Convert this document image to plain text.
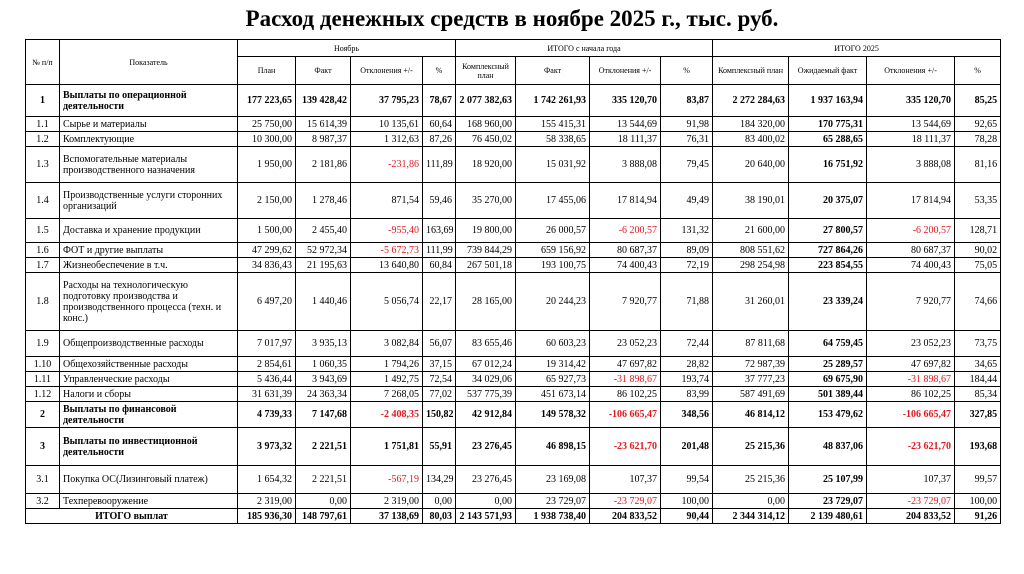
Расход денежных средств в ноябре 2025 г., тыс. руб.
№ п/п	Показатель	Ноябрь				ИТОГО с начала года				ИТОГО 2025			
		План	Факт	Отклонения +/-	%	Комплексный план	Факт	Отклонения +/-	%	Комплексный план	Ожидаемый факт	Отклонения +/-	%
1	Выплаты по операционной деятельности	177 223,65	139 428,42	37 795,23	78,67	2 077 382,63	1 742 261,93	335 120,70	83,87	2 272 284,63	1 937 163,94	335 120,70	85,25
1.1	Сырье и материалы	25 750,00	15 614,39	10 135,61	60,64	168 960,00	155 415,31	13 544,69	91,98	184 320,00	170 775,31	13 544,69	92,65
1.2	Комплектующие	10 300,00	8 987,37	1 312,63	87,26	76 450,02	58 338,65	18 111,37	76,31	83 400,02	65 288,65	18 111,37	78,28
1.3	Вспомогательные материалы производственного назначения	1 950,00	2 181,86	-231,86	111,89	18 920,00	15 031,92	3 888,08	79,45	20 640,00	16 751,92	3 888,08	81,16
1.4	Производственные услуги сторонних организаций	2 150,00	1 278,46	871,54	59,46	35 270,00	17 455,06	17 814,94	49,49	38 190,01	20 375,07	17 814,94	53,35
1.5	Доставка и хранение продукции	1 500,00	2 455,40	-955,40	163,69	19 800,00	26 000,57	-6 200,57	131,32	21 600,00	27 800,57	-6 200,57	128,71
1.6	ФОТ и другие выплаты	47 299,62	52 972,34	-5 672,73	111,99	739 844,29	659 156,92	80 687,37	89,09	808 551,62	727 864,26	80 687,37	90,02
1.7	Жизнеобеспечение в т.ч.	34 836,43	21 195,63	13 640,80	60,84	267 501,18	193 100,75	74 400,43	72,19	298 254,98	223 854,55	74 400,43	75,05
1.8	Расходы на технологическую подготовку производства и производственного процесса (техн. и конс.)	6 497,20	1 440,46	5 056,74	22,17	28 165,00	20 244,23	7 920,77	71,88	31 260,01	23 339,24	7 920,77	74,66
1.9	Общепроизводственные расходы	7 017,97	3 935,13	3 082,84	56,07	83 655,46	60 603,23	23 052,23	72,44	87 811,68	64 759,45	23 052,23	73,75
1.10	Общехозяйственные расходы	2 854,61	1 060,35	1 794,26	37,15	67 012,24	19 314,42	47 697,82	28,82	72 987,39	25 289,57	47 697,82	34,65
1.11	Управленческие расходы	5 436,44	3 943,69	1 492,75	72,54	34 029,06	65 927,73	-31 898,67	193,74	37 777,23	69 675,90	-31 898,67	184,44
1.12	Налоги и сборы	31 631,39	24 363,34	7 268,05	77,02	537 775,39	451 673,14	86 102,25	83,99	587 491,69	501 389,44	86 102,25	85,34
2	Выплаты по финансовой деятельности	4 739,33	7 147,68	-2 408,35	150,82	42 912,84	149 578,32	-106 665,47	348,56	46 814,12	153 479,62	-106 665,47	327,85
3	Выплаты по инвестиционной деятельности	3 973,32	2 221,51	1 751,81	55,91	23 276,45	46 898,15	-23 621,70	201,48	25 215,36	48 837,06	-23 621,70	193,68
3.1	Покупка ОС(Лизинговый платеж)	1 654,32	2 221,51	-567,19	134,29	23 276,45	23 169,08	107,37	99,54	25 215,36	25 107,99	107,37	99,57
3.2	Техперевооружение	2 319,00	0,00	2 319,00	0,00	0,00	23 729,07	-23 729,07	100,00	0,00	23 729,07	-23 729,07	100,00
ИТОГО выплат		185 936,30	148 797,61	37 138,69	80,03	2 143 571,93	1 938 738,40	204 833,52	90,44	2 344 314,12	2 139 480,61	204 833,52	91,26
